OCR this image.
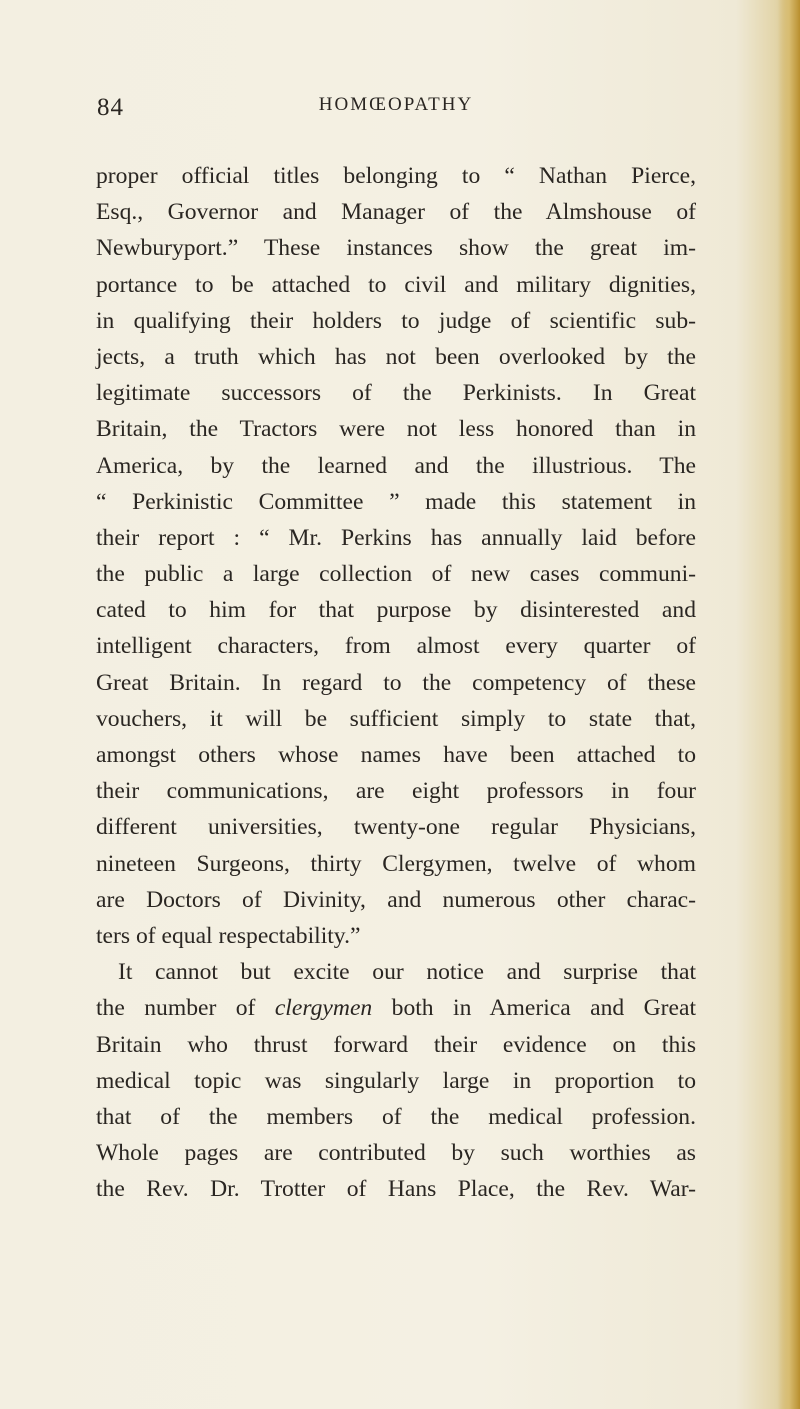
84	HOMŒOPATHY
proper official titles belonging to “ Nathan Pierce,
Esq., Governor and Manager of the Almshouse of
Newburyport.” These instances show the great im-
portance to be attached to civil and military dignities,
in qualifying their holders to judge of scientific sub-
jects, a truth which has not been overlooked by the
legitimate successors of the Perkinists. In Great
Britain, the Tractors were not less honored than in
America, by the learned and the illustrious. The
“ Perkinistic Committee ” made this statement in
their report : “ Mr. Perkins has annually laid before
the public a large collection of new cases communi-
cated to him for that purpose by disinterested and
intelligent characters, from almost every quarter of
Great Britain. In regard to the competency of these
vouchers, it will be sufficient simply to state that,
amongst others whose names have been attached to
their communications, are eight professors in four
different universities, twenty-one regular Physicians,
nineteen Surgeons, thirty Clergymen, twelve of whom
are Doctors of Divinity, and numerous other charac-
ters of equal respectability.”
It cannot but excite our notice and surprise that
the number of clergymen both in America and Great
Britain who thrust forward their evidence on this
medical topic was singularly large in proportion to
that of the members of the medical profession.
Whole pages are contributed by such worthies as
the Rev. Dr. Trotter of Hans Place, the Rev. War-
